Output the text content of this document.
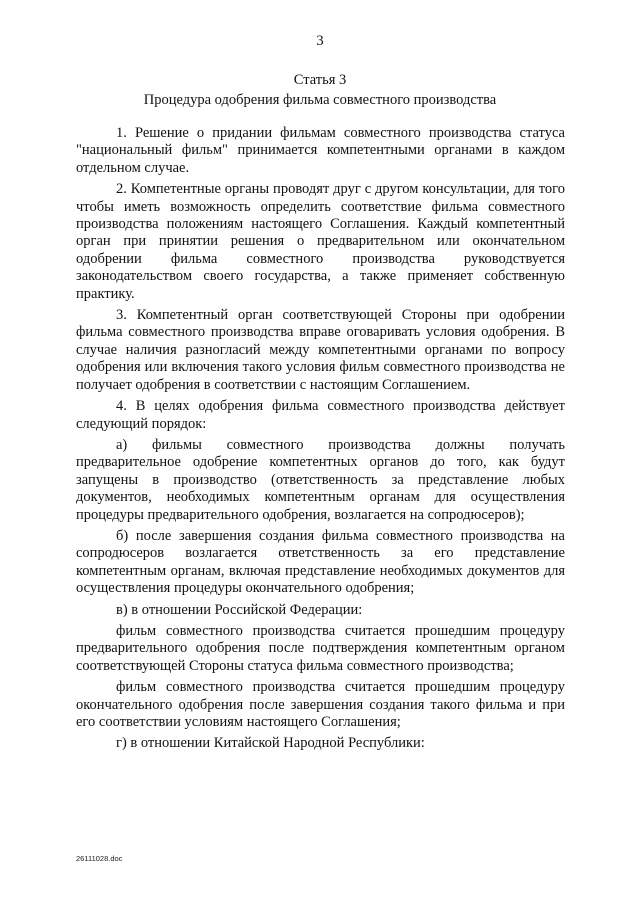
3
Статья 3
Процедура одобрения фильма совместного производства

1. Решение о придании фильмам совместного производства статуса "национальный фильм" принимается компетентными органами в каждом отдельном случае.

2. Компетентные органы проводят друг с другом консультации, для того чтобы иметь возможность определить соответствие фильма совместного производства положениям настоящего Соглашения. Каждый компетентный орган при принятии решения о предварительном или окончательном одобрении фильма совместного производства руководствуется законодательством своего государства, а также применяет собственную практику.

3. Компетентный орган соответствующей Стороны при одобрении фильма совместного производства вправе оговаривать условия одобрения. В случае наличия разногласий между компетентными органами по вопросу одобрения или включения такого условия фильм совместного производства не получает одобрения в соответствии с настоящим Соглашением.

4. В целях одобрения фильма совместного производства действует следующий порядок:

а) фильмы совместного производства должны получать предварительное одобрение компетентных органов до того, как будут запущены в производство (ответственность за представление любых документов, необходимых компетентным органам для осуществления процедуры предварительного одобрения, возлагается на сопродюсеров);

б) после завершения создания фильма совместного производства на сопродюсеров возлагается ответственность за его представление компетентным органам, включая представление необходимых документов для осуществления процедуры окончательного одобрения;

в) в отношении Российской Федерации:

фильм совместного производства считается прошедшим процедуру предварительного одобрения после подтверждения компетентным органом соответствующей Стороны статуса фильма совместного производства;

фильм совместного производства считается прошедшим процедуру окончательного одобрения после завершения создания такого фильма и при его соответствии условиям настоящего Соглашения;

г) в отношении Китайской Народной Республики:

26111028.doc
